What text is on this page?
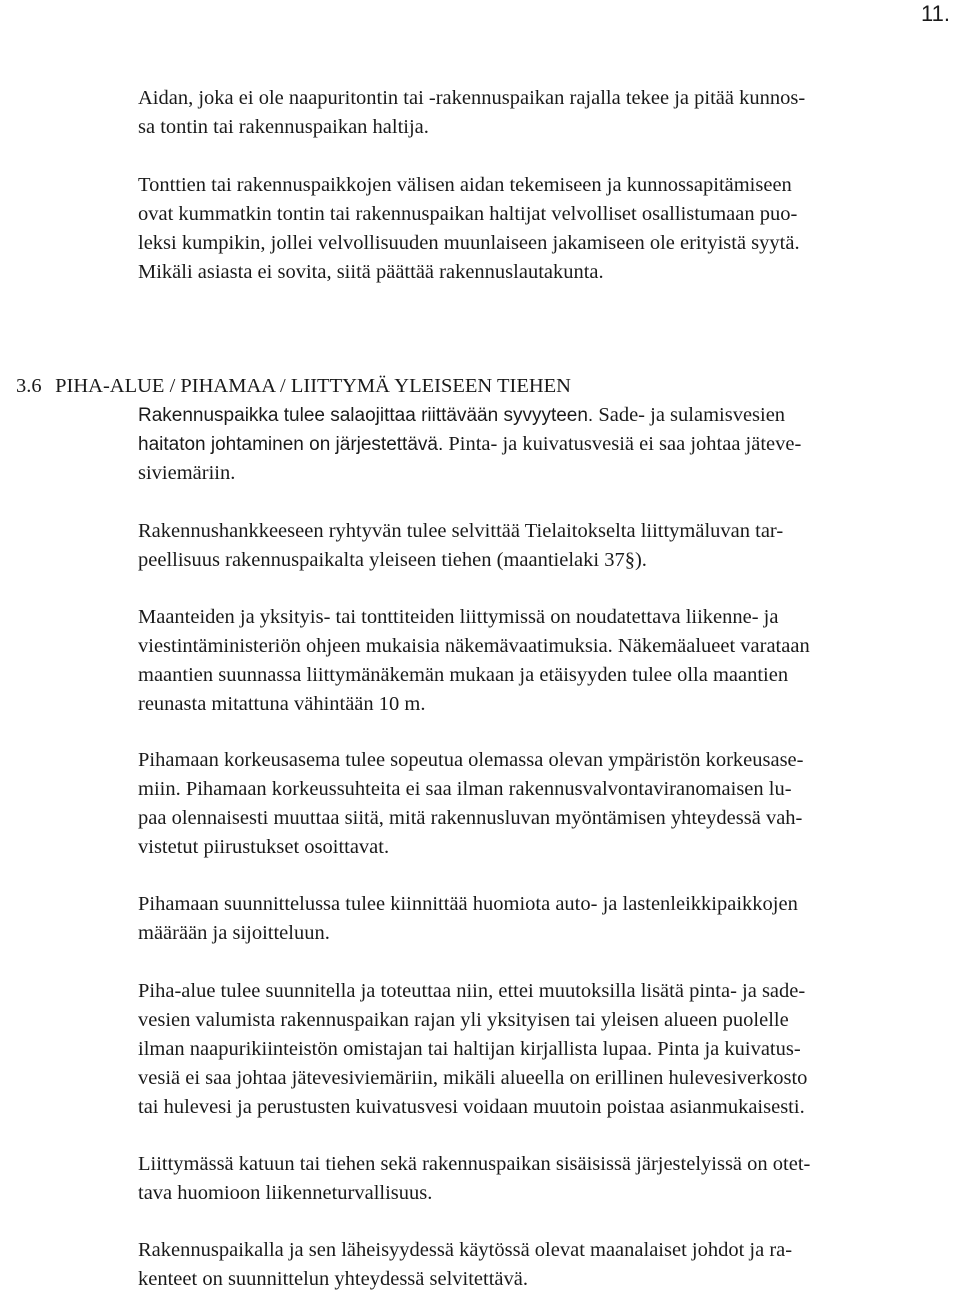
11.
Aidan, joka ei ole naapuritontin tai -rakennuspaikan rajalla tekee ja pitää kunnos-
sa tontin tai rakennuspaikan haltija.
Tonttien tai rakennuspaikkojen välisen aidan tekemiseen ja kunnossapitämiseen
ovat kummatkin tontin tai rakennuspaikan haltijat velvolliset osallistumaan puo-
leksi kumpikin, jollei velvollisuuden muunlaiseen jakamiseen ole erityistä syytä.
Mikäli asiasta ei sovita, siitä päättää rakennuslautakunta.
3.6 PIHA-ALUE / PIHAMAA / LIITTYMÄ YLEISEEN TIEHEN
Rakennuspaikka tulee salaojittaa riittävään syvyyteen. Sade- ja sulamisvesien
haitaton johtaminen on järjestettävä. Pinta- ja kuivatusvesiä ei saa johtaa jäteve-
siviemäriin.
Rakennushankkeeseen ryhtyvän tulee selvittää Tielaitokselta liittymäluvan tar-
peellisuus rakennuspaikalta yleiseen tiehen (maantielaki 37§).
Maanteiden ja yksityis- tai tonttiteiden liittymissä on noudatettava liikenne- ja
viestintäministeriön ohjeen mukaisia näkemävaatimuksia. Näkemäalueet varataan
maantien suunnassa liittymänäkemän mukaan ja etäisyyden tulee olla maantien
reunasta mitattuna vähintään 10 m.
Pihamaan korkeusasema tulee sopeutua olemassa olevan ympäristön korkeusase-
miin. Pihamaan korkeussuhteita ei saa ilman rakennusvalvontaviranomaisen lu-
paa olennaisesti muuttaa siitä, mitä rakennusluvan myöntämisen yhteydessä vah-
vistetut piirustukset osoittavat.
Pihamaan suunnittelussa tulee kiinnittää huomiota auto- ja lastenleikkipaikkojen
määrään ja sijoitteluun.
Piha-alue tulee suunnitella ja toteuttaa niin, ettei muutoksilla lisätä pinta- ja sade-
vesien valumista rakennuspaikan rajan yli yksityisen tai yleisen alueen puolelle
ilman naapurikiinteistön omistajan tai haltijan kirjallista lupaa. Pinta ja kuivatus-
vesiä ei saa johtaa jätevesiviemäriin, mikäli alueella on erillinen hulevesiverkosto
tai hulevesi ja perustusten kuivatusvesi voidaan muutoin poistaa asianmukaisesti.
Liittymässä katuun tai tiehen sekä rakennuspaikan sisäisissä järjestelyissä on otet-
tava huomioon liikenneturvallisuus.
Rakennuspaikalla ja sen läheisyydessä käytössä olevat maanalaiset johdot ja ra-
kenteet on suunnittelun yhteydessä selvitettävä.
